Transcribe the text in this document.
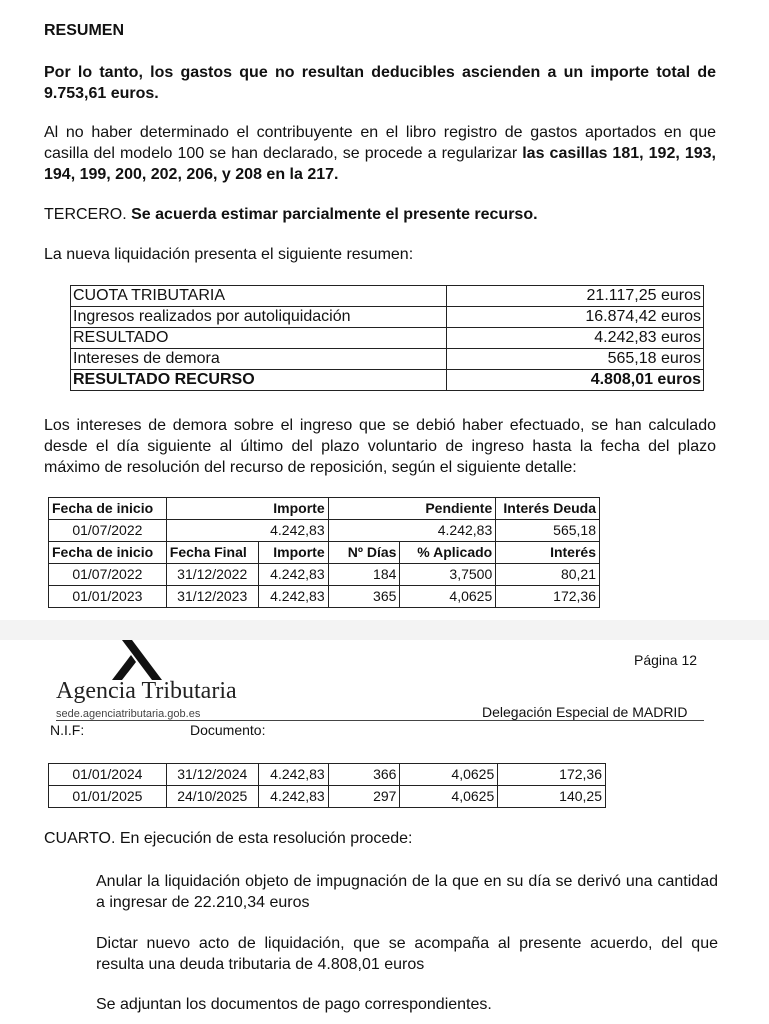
RESUMEN

Por lo tanto, los gastos que no resultan deducibles ascienden a un importe total de 9.753,61 euros.

Al no haber determinado el contribuyente en el libro registro de gastos aportados en que casilla del modelo 100 se han declarado, se procede a regularizar las casillas 181, 192, 193, 194, 199, 200, 202, 206, y 208 en la 217.

TERCERO. Se acuerda estimar parcialmente el presente recurso.

La nueva liquidación presenta el siguiente resumen:

CUOTA TRIBUTARIA	21.117,25 euros
Ingresos realizados por autoliquidación	16.874,42 euros
RESULTADO	4.242,83 euros
Intereses de demora	565,18 euros
RESULTADO RECURSO	4.808,01 euros

Los intereses de demora sobre el ingreso que se debió haber efectuado, se han calculado desde el día siguiente al último del plazo voluntario de ingreso hasta la fecha del plazo máximo de resolución del recurso de reposición, según el siguiente detalle:

Fecha de inicio	Importe		Pendiente		Interés Deuda
01/07/2022	4.242,83		4.242,83		565,18
Fecha de inicio	Fecha Final	Importe	Nº Días	% Aplicado	Interés
01/07/2022	31/12/2022	4.242,83	184	3,7500	80,21
01/01/2023	31/12/2023	4.242,83	365	4,0625	172,36
Agencia Tributaria
sede.agenciatributaria.gob.es
Página 12
Delegación Especial de MADRID
N.I.F:	Documento:
01/01/2024	31/12/2024	4.242,83	366	4,0625	172,36
01/01/2025	24/10/2025	4.242,83	297	4,0625	140,25

CUARTO. En ejecución de esta resolución procede:

Anular la liquidación objeto de impugnación de la que en su día se derivó una cantidad a ingresar de 22.210,34 euros

Dictar nuevo acto de liquidación, que se acompaña al presente acuerdo, del que resulta una deuda tributaria de 4.808,01 euros

Se adjuntan los documentos de pago correspondientes.
